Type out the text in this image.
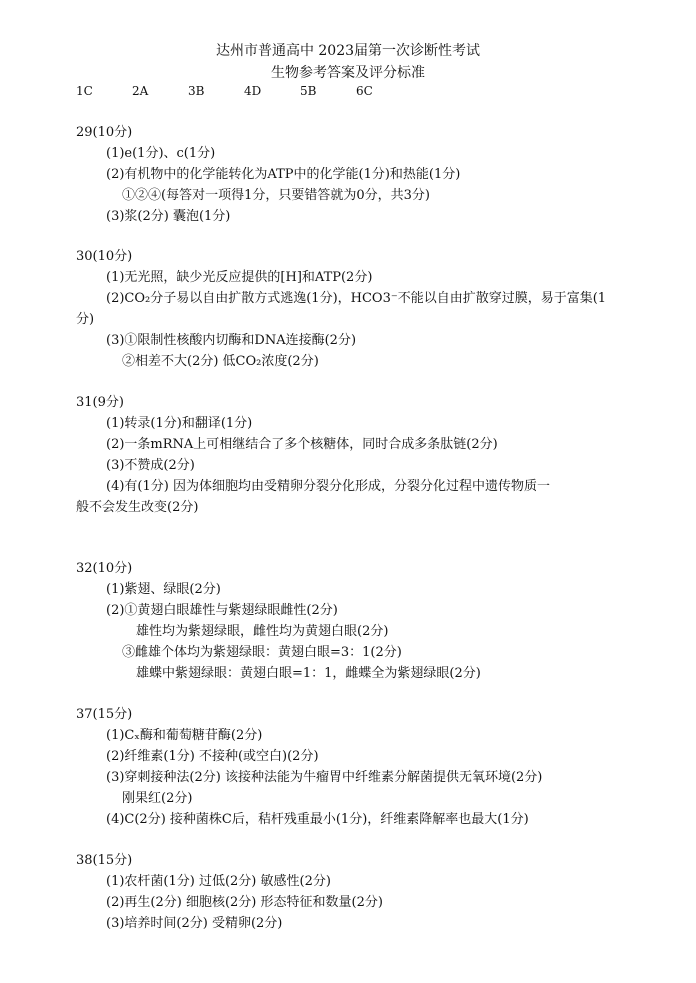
达州市普通高中 2023届第一次诊断性考试
生物参考答案及评分标准
1C	2A	3B	4D	5B	6C
29(10分)
(1)e(1分)、c(1分)
(2)有机物中的化学能转化为ATP中的化学能(1分)和热能(1分)
①②④(每答对一项得1分，只要错答就为0分，共3分)
(3)浆(2分) 囊泡(1分)
30(10分)
(1)无光照，缺少光反应提供的[H]和ATP(2分)
(2)CO₂分子易以自由扩散方式逃逸(1分)，HCO3⁻不能以自由扩散穿过膜，易于富集(1
分)
(3)①限制性核酸内切酶和DNA连接酶(2分)
②相差不大(2分) 低CO₂浓度(2分)
31(9分)
(1)转录(1分)和翻译(1分)
(2)一条mRNA上可相继结合了多个核糖体，同时合成多条肽链(2分)
(3)不赞成(2分)
(4)有(1分) 因为体细胞均由受精卵分裂分化形成，分裂分化过程中遗传物质一
般不会发生改变(2分)
32(10分)
(1)紫翅、绿眼(2分)
(2)①黄翅白眼雄性与紫翅绿眼雌性(2分)
雄性均为紫翅绿眼，雌性均为黄翅白眼(2分)
③雌雄个体均为紫翅绿眼：黄翅白眼=3：1(2分)
雄蝶中紫翅绿眼：黄翅白眼=1：1，雌蝶全为紫翅绿眼(2分)
37(15分)
(1)Cₓ酶和葡萄糖苷酶(2分)
(2)纤维素(1分) 不接种(或空白)(2分)
(3)穿刺接种法(2分) 该接种法能为牛瘤胃中纤维素分解菌提供无氧环境(2分)
刚果红(2分)
(4)C(2分) 接种菌株C后，秸杆残重最小(1分)，纤维素降解率也最大(1分)
38(15分)
(1)农杆菌(1分) 过低(2分) 敏感性(2分)
(2)再生(2分) 细胞核(2分) 形态特征和数量(2分)
(3)培养时间(2分) 受精卵(2分)
